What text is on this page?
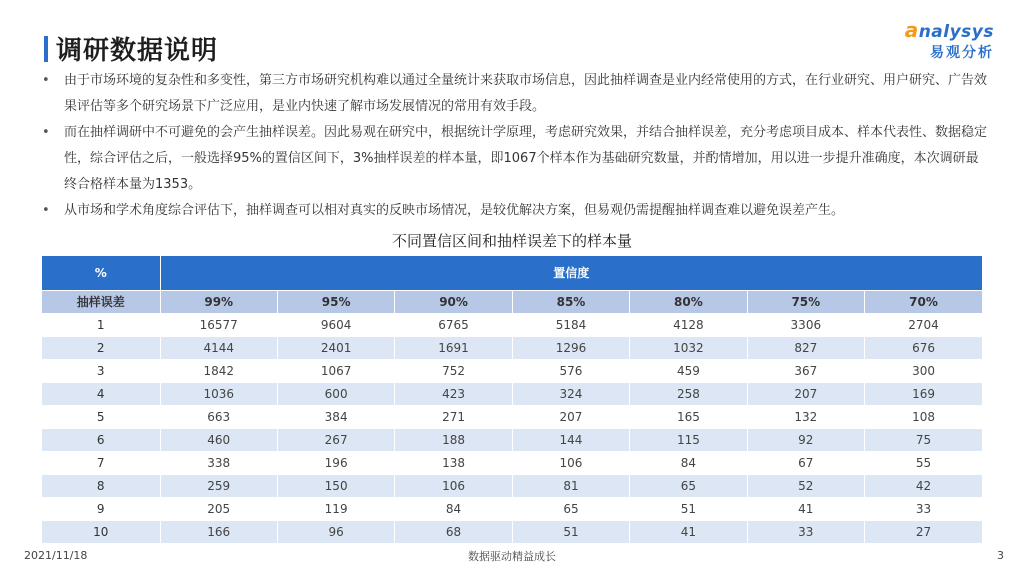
调研数据说明
analysys
易观分析
•	由于市场环境的复杂性和多变性，第三方市场研究机构难以通过全量统计来获取市场信息，因此抽样调查是业内经常使用的方式，在行业研究、用户研究、广告效果评估等多个研究场景下广泛应用，是业内快速了解市场发展情况的常用有效手段。
•	而在抽样调研中不可避免的会产生抽样误差。因此易观在研究中，根据统计学原理，考虑研究效果，并结合抽样误差，充分考虑项目成本、样本代表性、数据稳定性，综合评估之后，一般选择95%的置信区间下，3%抽样误差的样本量，即1067个样本作为基础研究数量，并酌情增加，用以进一步提升准确度，本次调研最终合格样本量为1353。
•	从市场和学术角度综合评估下，抽样调查可以相对真实的反映市场情况，是较优解决方案，但易观仍需提醒抽样调查难以避免误差产生。
不同置信区间和抽样误差下的样本量
%	置信度						
抽样误差	99%	95%	90%	85%	80%	75%	70%
1	16577	9604	6765	5184	4128	3306	2704
2	4144	2401	1691	1296	1032	827	676
3	1842	1067	752	576	459	367	300
4	1036	600	423	324	258	207	169
5	663	384	271	207	165	132	108
6	460	267	188	144	115	92	75
7	338	196	138	106	84	67	55
8	259	150	106	81	65	52	42
9	205	119	84	65	51	41	33
10	166	96	68	51	41	33	27
2021/11/18	数据驱动精益成长	3
